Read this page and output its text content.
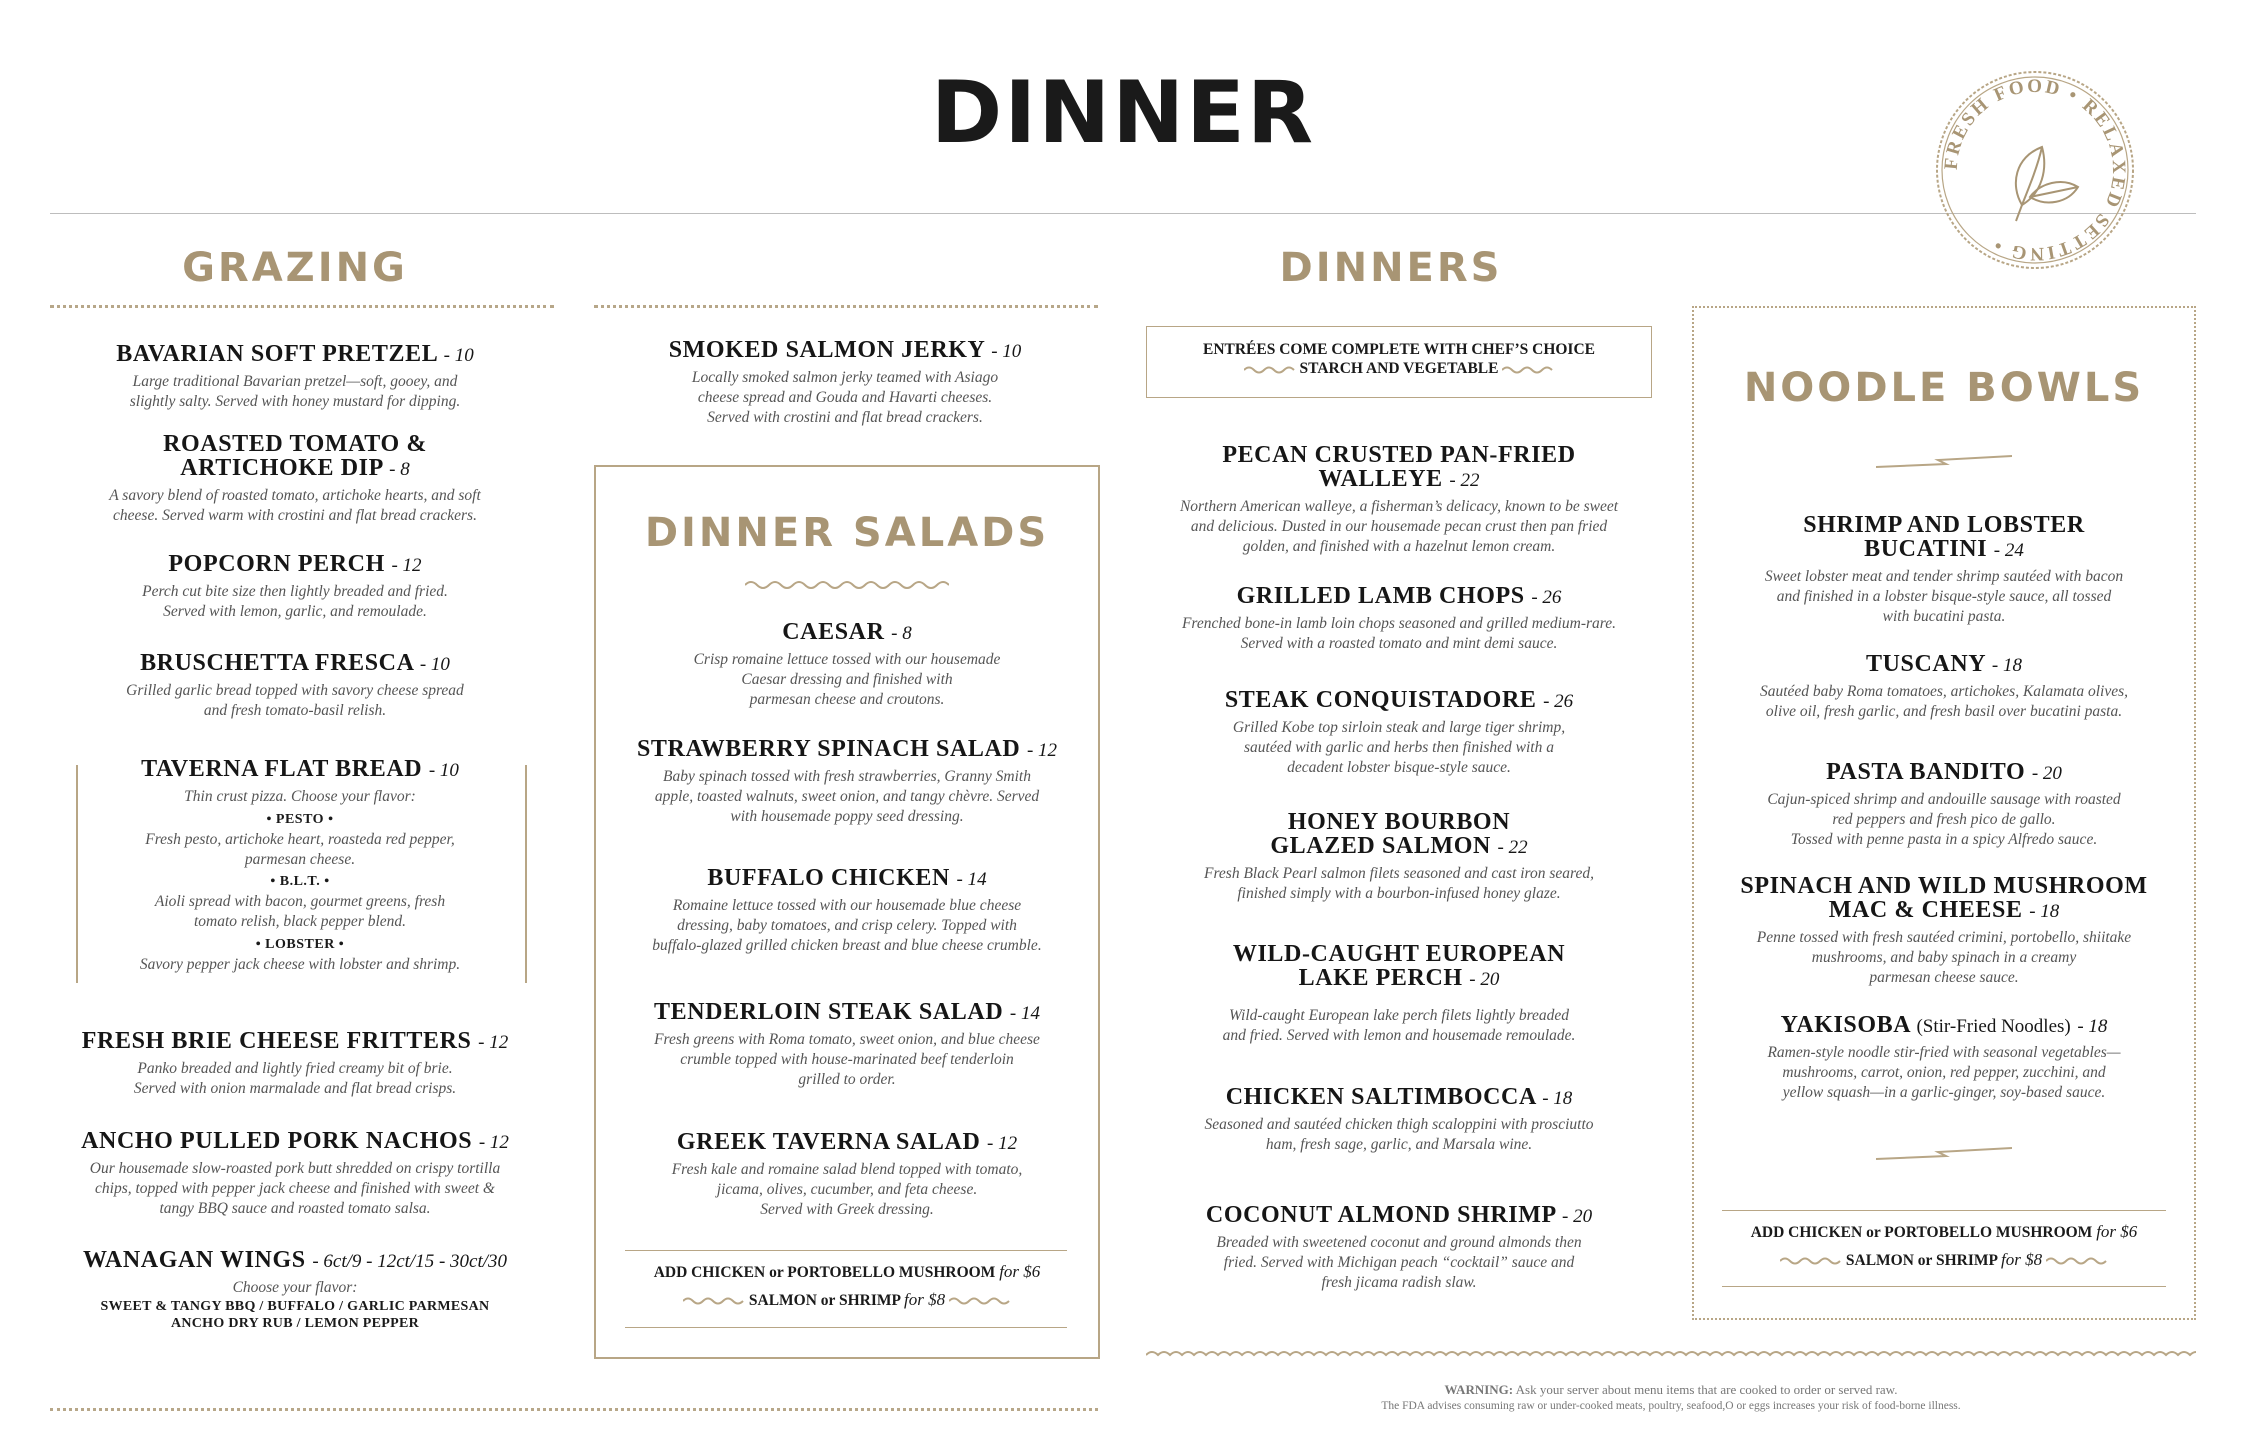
DINNER	FRESH FOOD • RELAXED SETTING •
GRAZING
BAVARIAN SOFT PRETZEL - 10
Large traditional Bavarian pretzel—soft, gooey, and
slightly salty. Served with honey mustard for dipping.
ROASTED TOMATO &
ARTICHOKE DIP - 8
A savory blend of roasted tomato, artichoke hearts, and soft
cheese. Served warm with crostini and flat bread crackers.
POPCORN PERCH - 12
Perch cut bite size then lightly breaded and fried.
Served with lemon, garlic, and remoulade.
BRUSCHETTA FRESCA - 10
Grilled garlic bread topped with savory cheese spread
and fresh tomato-basil relish.
TAVERNA FLAT BREAD - 10
Thin crust pizza. Choose your flavor:
• PESTO •
Fresh pesto, artichoke heart, roasteda red pepper,
parmesan cheese.
• B.L.T. •
Aioli spread with bacon, gourmet greens, fresh
tomato relish, black pepper blend.
• LOBSTER •
Savory pepper jack cheese with lobster and shrimp.
FRESH BRIE CHEESE FRITTERS - 12
Panko breaded and lightly fried creamy bit of brie.
Served with onion marmalade and flat bread crisps.
ANCHO PULLED PORK NACHOS - 12
Our housemade slow-roasted pork butt shredded on crispy tortilla
chips, topped with pepper jack cheese and finished with sweet &
tangy BBQ sauce and roasted tomato salsa.
WANAGAN WINGS - 6ct/9 - 12ct/15 - 30ct/30
Choose your flavor:
SWEET & TANGY BBQ / BUFFALO / GARLIC PARMESAN
ANCHO DRY RUB / LEMON PEPPER
SMOKED SALMON JERKY - 10
Locally smoked salmon jerky teamed with Asiago
cheese spread and Gouda and Havarti cheeses.
Served with crostini and flat bread crackers.
DINNER SALADS
CAESAR - 8
Crisp romaine lettuce tossed with our housemade
Caesar dressing and finished with
parmesan cheese and croutons.
STRAWBERRY SPINACH SALAD - 12
Baby spinach tossed with fresh strawberries, Granny Smith
apple, toasted walnuts, sweet onion, and tangy chèvre. Served
with housemade poppy seed dressing.
BUFFALO CHICKEN - 14
Romaine lettuce tossed with our housemade blue cheese
dressing, baby tomatoes, and crisp celery. Topped with
buffalo-glazed grilled chicken breast and blue cheese crumble.
TENDERLOIN STEAK SALAD - 14
Fresh greens with Roma tomato, sweet onion, and blue cheese
crumble topped with house-marinated beef tenderloin
grilled to order.
GREEK TAVERNA SALAD - 12
Fresh kale and romaine salad blend topped with tomato,
jicama, olives, cucumber, and feta cheese.
Served with Greek dressing.
ADD CHICKEN or PORTOBELLO MUSHROOM for $6
SALMON or SHRIMP for $8
DINNERS
ENTRÉES COME COMPLETE WITH CHEF’S CHOICE
STARCH AND VEGETABLE
PECAN CRUSTED PAN-FRIED
WALLEYE - 22
Northern American walleye, a fisherman’s delicacy, known to be sweet
and delicious. Dusted in our housemade pecan crust then pan fried
golden, and finished with a hazelnut lemon cream.
GRILLED LAMB CHOPS - 26
Frenched bone-in lamb loin chops seasoned and grilled medium-rare.
Served with a roasted tomato and mint demi sauce.
STEAK CONQUISTADORE - 26
Grilled Kobe top sirloin steak and large tiger shrimp,
sautéed with garlic and herbs then finished with a
decadent lobster bisque-style sauce.
HONEY BOURBON
GLAZED SALMON - 22
Fresh Black Pearl salmon filets seasoned and cast iron seared,
finished simply with a bourbon-infused honey glaze.
WILD-CAUGHT EUROPEAN
LAKE PERCH - 20
Wild-caught European lake perch filets lightly breaded
and fried. Served with lemon and housemade remoulade.
CHICKEN SALTIMBOCCA - 18
Seasoned and sautéed chicken thigh scaloppini with prosciutto
ham, fresh sage, garlic, and Marsala wine.
COCONUT ALMOND SHRIMP - 20
Breaded with sweetened coconut and ground almonds then
fried. Served with Michigan peach “cocktail” sauce and
fresh jicama radish slaw.
WARNING: Ask your server about menu items that are cooked to order or served raw.
The FDA advises consuming raw or under-cooked meats, poultry, seafood,O or eggs increases your risk of food-borne illness.
NOODLE BOWLS
SHRIMP AND LOBSTER
BUCATINI - 24
Sweet lobster meat and tender shrimp sautéed with bacon
and finished in a lobster bisque-style sauce, all tossed
with bucatini pasta.
TUSCANY - 18
Sautéed baby Roma tomatoes, artichokes, Kalamata olives,
olive oil, fresh garlic, and fresh basil over bucatini pasta.
PASTA BANDITO - 20
Cajun-spiced shrimp and andouille sausage with roasted
red peppers and fresh pico de gallo.
Tossed with penne pasta in a spicy Alfredo sauce.
SPINACH AND WILD MUSHROOM
MAC & CHEESE - 18
Penne tossed with fresh sautéed crimini, portobello, shiitake
mushrooms, and baby spinach in a creamy
parmesan cheese sauce.
YAKISOBA (Stir-Fried Noodles) - 18
Ramen-style noodle stir-fried with seasonal vegetables—
mushrooms, carrot, onion, red pepper, zucchini, and
yellow squash—in a garlic-ginger, soy-based sauce.
ADD CHICKEN or PORTOBELLO MUSHROOM for $6
SALMON or SHRIMP for $8
